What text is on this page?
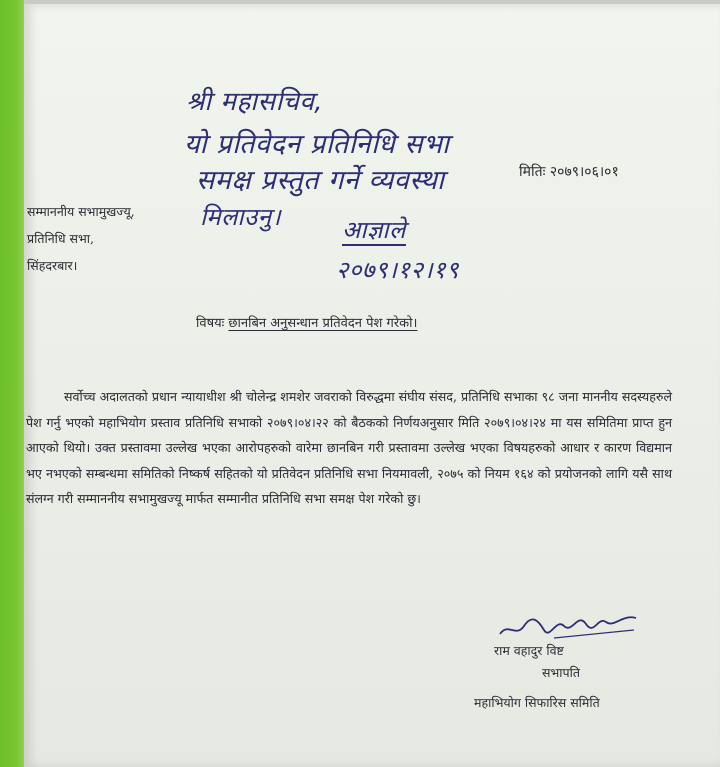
श्री महासचिव,
यो प्रतिवेदन प्रतिनिधि सभा
समक्ष प्रस्तुत गर्ने व्यवस्था
मिलाउनु।	आज्ञाले
२०७९।१२।१९
मितिः २०७९।०६।०१
सम्माननीय सभामुखज्यू,
प्रतिनिधि सभा,
सिंहदरबार।
विषयः छानबिन अनुसन्धान प्रतिवेदन पेश गरेको।
सर्वोच्च अदालतको प्रधान न्यायाधीश श्री चोलेन्द्र शमशेर जवराको विरुद्धमा संघीय संसद, प्रतिनिधि सभाका ९८ जना माननीय सदस्यहरुले पेश गर्नु भएको महाभियोग प्रस्ताव प्रतिनिधि सभाको २०७९।०४।२२ को बैठकको निर्णयअनुसार मिति २०७९।०४।२४ मा यस समितिमा प्राप्त हुन आएको थियो। उक्त प्रस्तावमा उल्लेख भएका आरोपहरुको वारेमा छानबिन गरी प्रस्तावमा उल्लेख भएका विषयहरुको आधार र कारण विद्यमान भए नभएको सम्बन्धमा समितिको निष्कर्ष सहितको यो प्रतिवेदन प्रतिनिधि सभा नियमावली, २०७५ को नियम १६४ को प्रयोजनको लागि यसै साथ संलग्न गरी सम्माननीय सभामुखज्यू मार्फत सम्मानीत प्रतिनिधि सभा समक्ष पेश गरेको छु।
राम वहादुर विष्ट
सभापति
महाभियोग सिफारिस समिति
